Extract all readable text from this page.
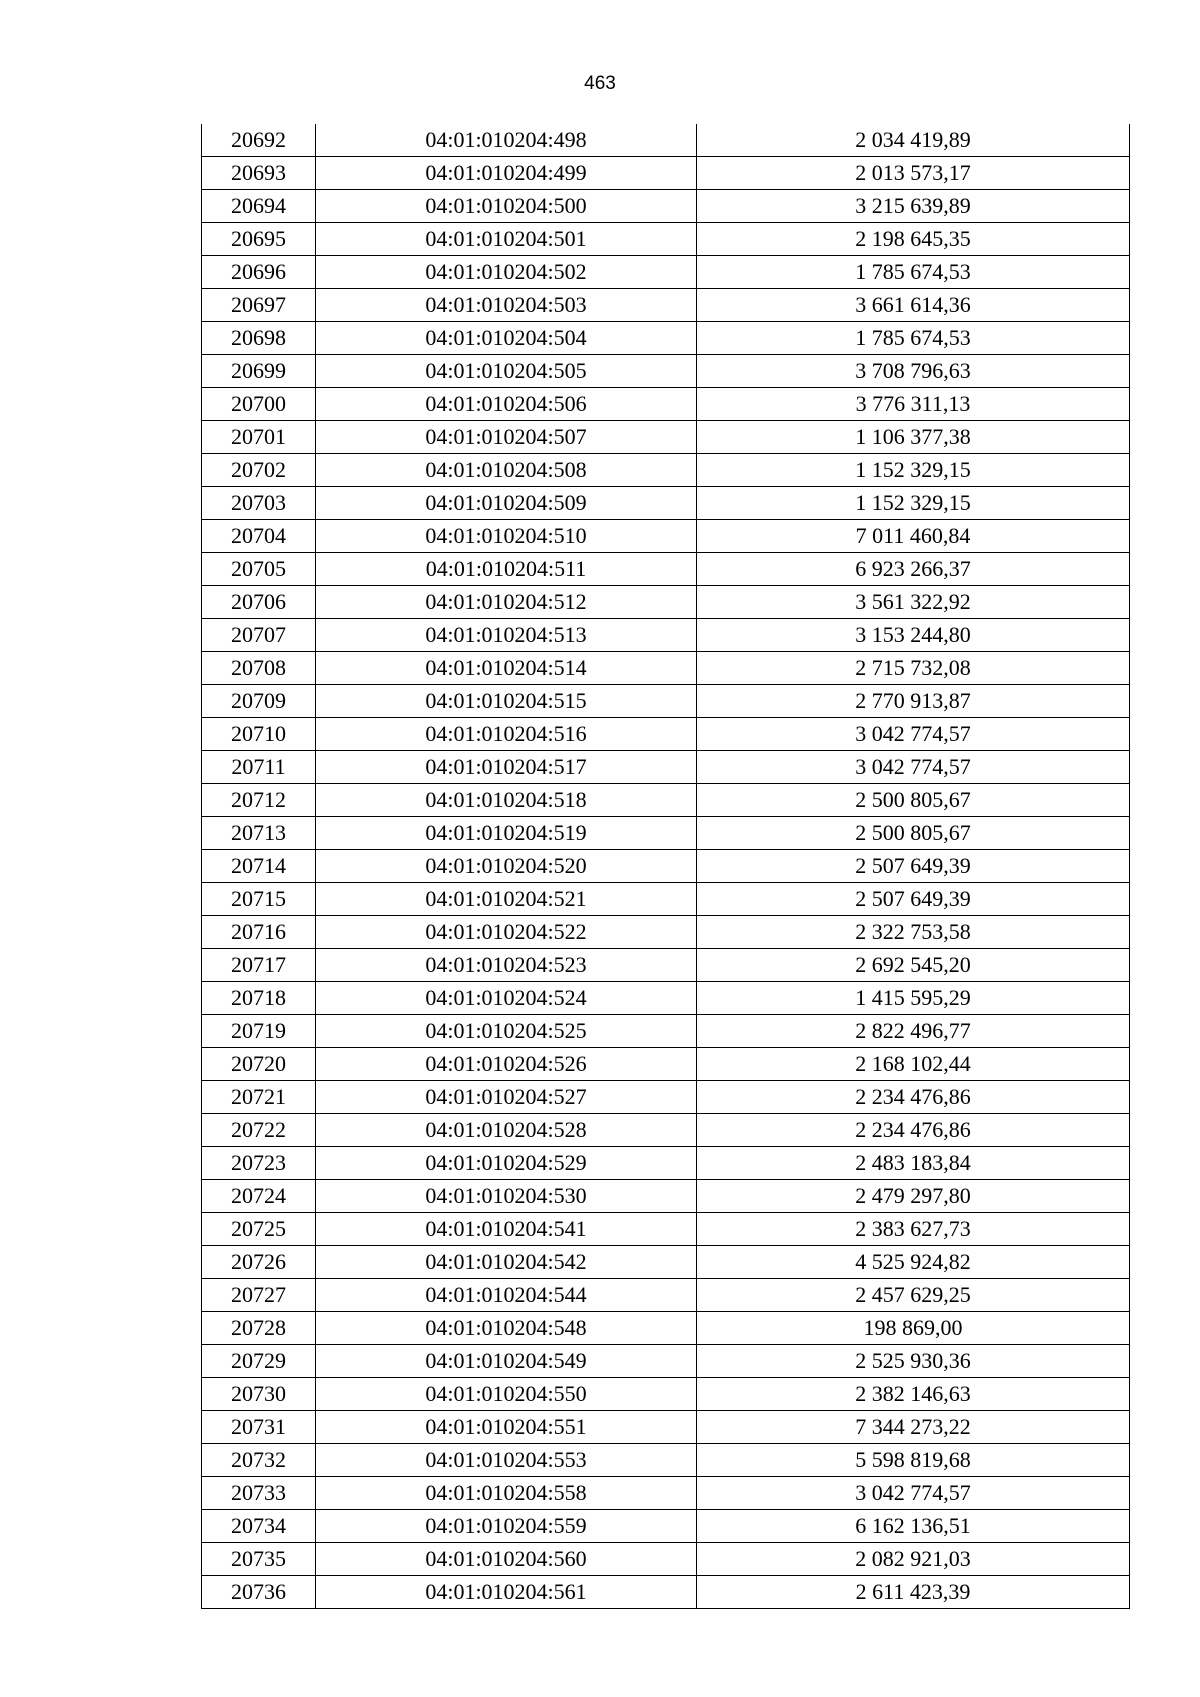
463
20692	04:01:010204:498	2 034 419,89
20693	04:01:010204:499	2 013 573,17
20694	04:01:010204:500	3 215 639,89
20695	04:01:010204:501	2 198 645,35
20696	04:01:010204:502	1 785 674,53
20697	04:01:010204:503	3 661 614,36
20698	04:01:010204:504	1 785 674,53
20699	04:01:010204:505	3 708 796,63
20700	04:01:010204:506	3 776 311,13
20701	04:01:010204:507	1 106 377,38
20702	04:01:010204:508	1 152 329,15
20703	04:01:010204:509	1 152 329,15
20704	04:01:010204:510	7 011 460,84
20705	04:01:010204:511	6 923 266,37
20706	04:01:010204:512	3 561 322,92
20707	04:01:010204:513	3 153 244,80
20708	04:01:010204:514	2 715 732,08
20709	04:01:010204:515	2 770 913,87
20710	04:01:010204:516	3 042 774,57
20711	04:01:010204:517	3 042 774,57
20712	04:01:010204:518	2 500 805,67
20713	04:01:010204:519	2 500 805,67
20714	04:01:010204:520	2 507 649,39
20715	04:01:010204:521	2 507 649,39
20716	04:01:010204:522	2 322 753,58
20717	04:01:010204:523	2 692 545,20
20718	04:01:010204:524	1 415 595,29
20719	04:01:010204:525	2 822 496,77
20720	04:01:010204:526	2 168 102,44
20721	04:01:010204:527	2 234 476,86
20722	04:01:010204:528	2 234 476,86
20723	04:01:010204:529	2 483 183,84
20724	04:01:010204:530	2 479 297,80
20725	04:01:010204:541	2 383 627,73
20726	04:01:010204:542	4 525 924,82
20727	04:01:010204:544	2 457 629,25
20728	04:01:010204:548	198 869,00
20729	04:01:010204:549	2 525 930,36
20730	04:01:010204:550	2 382 146,63
20731	04:01:010204:551	7 344 273,22
20732	04:01:010204:553	5 598 819,68
20733	04:01:010204:558	3 042 774,57
20734	04:01:010204:559	6 162 136,51
20735	04:01:010204:560	2 082 921,03
20736	04:01:010204:561	2 611 423,39
